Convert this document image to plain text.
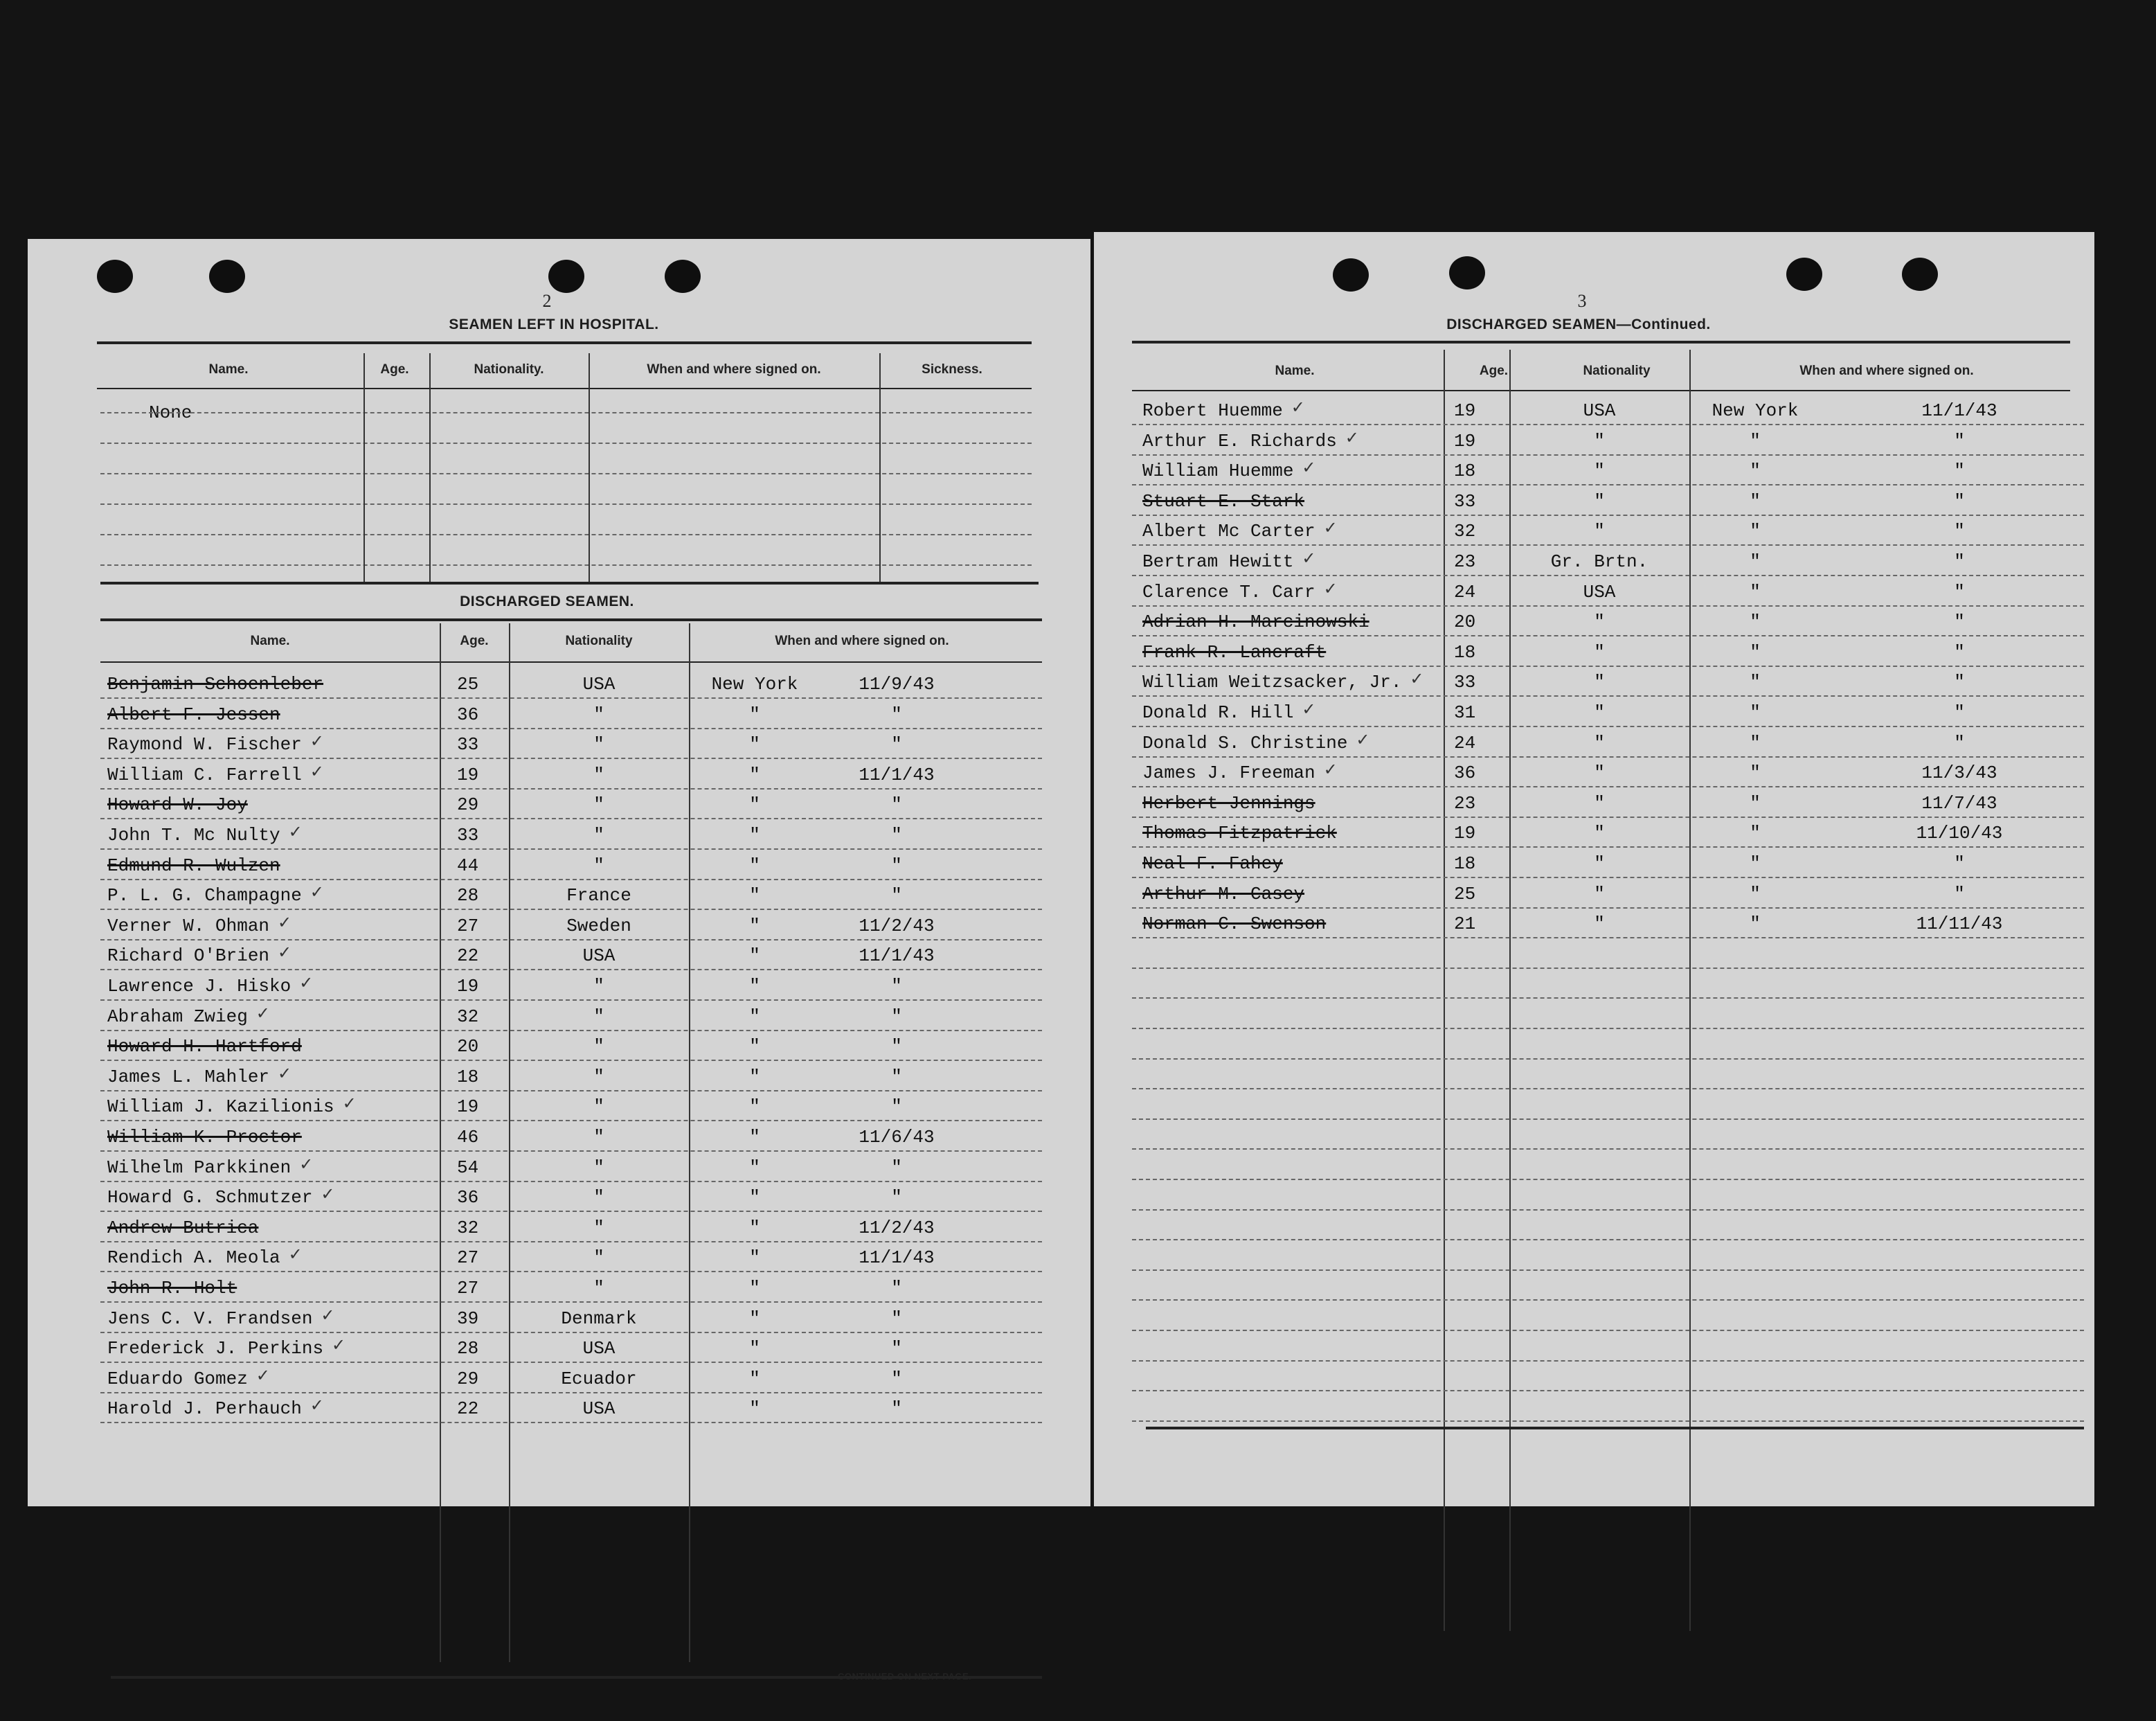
2
SEAMEN LEFT IN HOSPITAL.
Name.	Age.	Nationality.	When and where signed on.	Sickness.
None
DISCHARGED SEAMEN.
Name.	Age.	Nationality	When and where signed on.
Benjamin Schoenleber	25	USA	New York	11/9/43
Albert F. Jessen	36	"	"	"
Raymond W. Fischer	33	"	"	"
✓
William C. Farrell	19	"	"	11/1/43
✓
Howard W. Joy	29	"	"	"
John T. Mc Nulty	33	"	"	"
✓
Edmund R. Wulzen	44	"	"	"
P. L. G. Champagne	28	France	"	"
✓
Verner W. Ohman	27	Sweden	"	11/2/43
✓
Richard O'Brien	22	USA	"	11/1/43
✓
Lawrence J. Hisko	19	"	"	"
✓
Abraham Zwieg	32	"	"	"
✓
Howard H. Hartford	20	"	"	"
James L. Mahler	18	"	"	"
✓
William J. Kazilionis	19	"	"	"
✓
William K. Proctor	46	"	"	11/6/43
Wilhelm Parkkinen	54	"	"	"
✓
Howard G. Schmutzer	36	"	"	"
✓
Andrew Butrica	32	"	"	11/2/43
Rendich A. Meola	27	"	"	11/1/43
✓
John R. Holt	27	"	"	"
Jens C. V. Frandsen	39	Denmark	"	"
✓
Frederick J. Perkins	28	USA	"	"
✓
Eduardo Gomez	29	Ecuador	"	"
✓
Harold J. Perhauch	22	USA	"	"
✓
CONTINUED ON NEXT PAGE.
3
DISCHARGED SEAMEN—Continued.
Name.	Age.	Nationality	When and where signed on.
Robert Huemme	19	USA	New York	11/1/43
✓
Arthur E. Richards	19	"	"	"
✓
William Huemme	18	"	"	"
✓
Stuart E. Stark	33	"	"	"
Albert Mc Carter	32	"	"	"
✓
Bertram Hewitt	23	Gr. Brtn.	"	"
✓
Clarence T. Carr	24	USA	"	"
✓
Adrian H. Marcinowski	20	"	"	"
Frank R. Lancraft	18	"	"	"
William Weitzsacker, Jr.	33	"	"	"
✓
Donald R. Hill	31	"	"	"
✓
Donald S. Christine	24	"	"	"
✓
James J. Freeman	36	"	"	11/3/43
✓
Herbert Jennings	23	"	"	11/7/43
Thomas Fitzpatrick	19	"	"	11/10/43
Neal F. Fahey	18	"	"	"
Arthur M. Casey	25	"	"	"
Norman C. Swenson	21	"	"	11/11/43
